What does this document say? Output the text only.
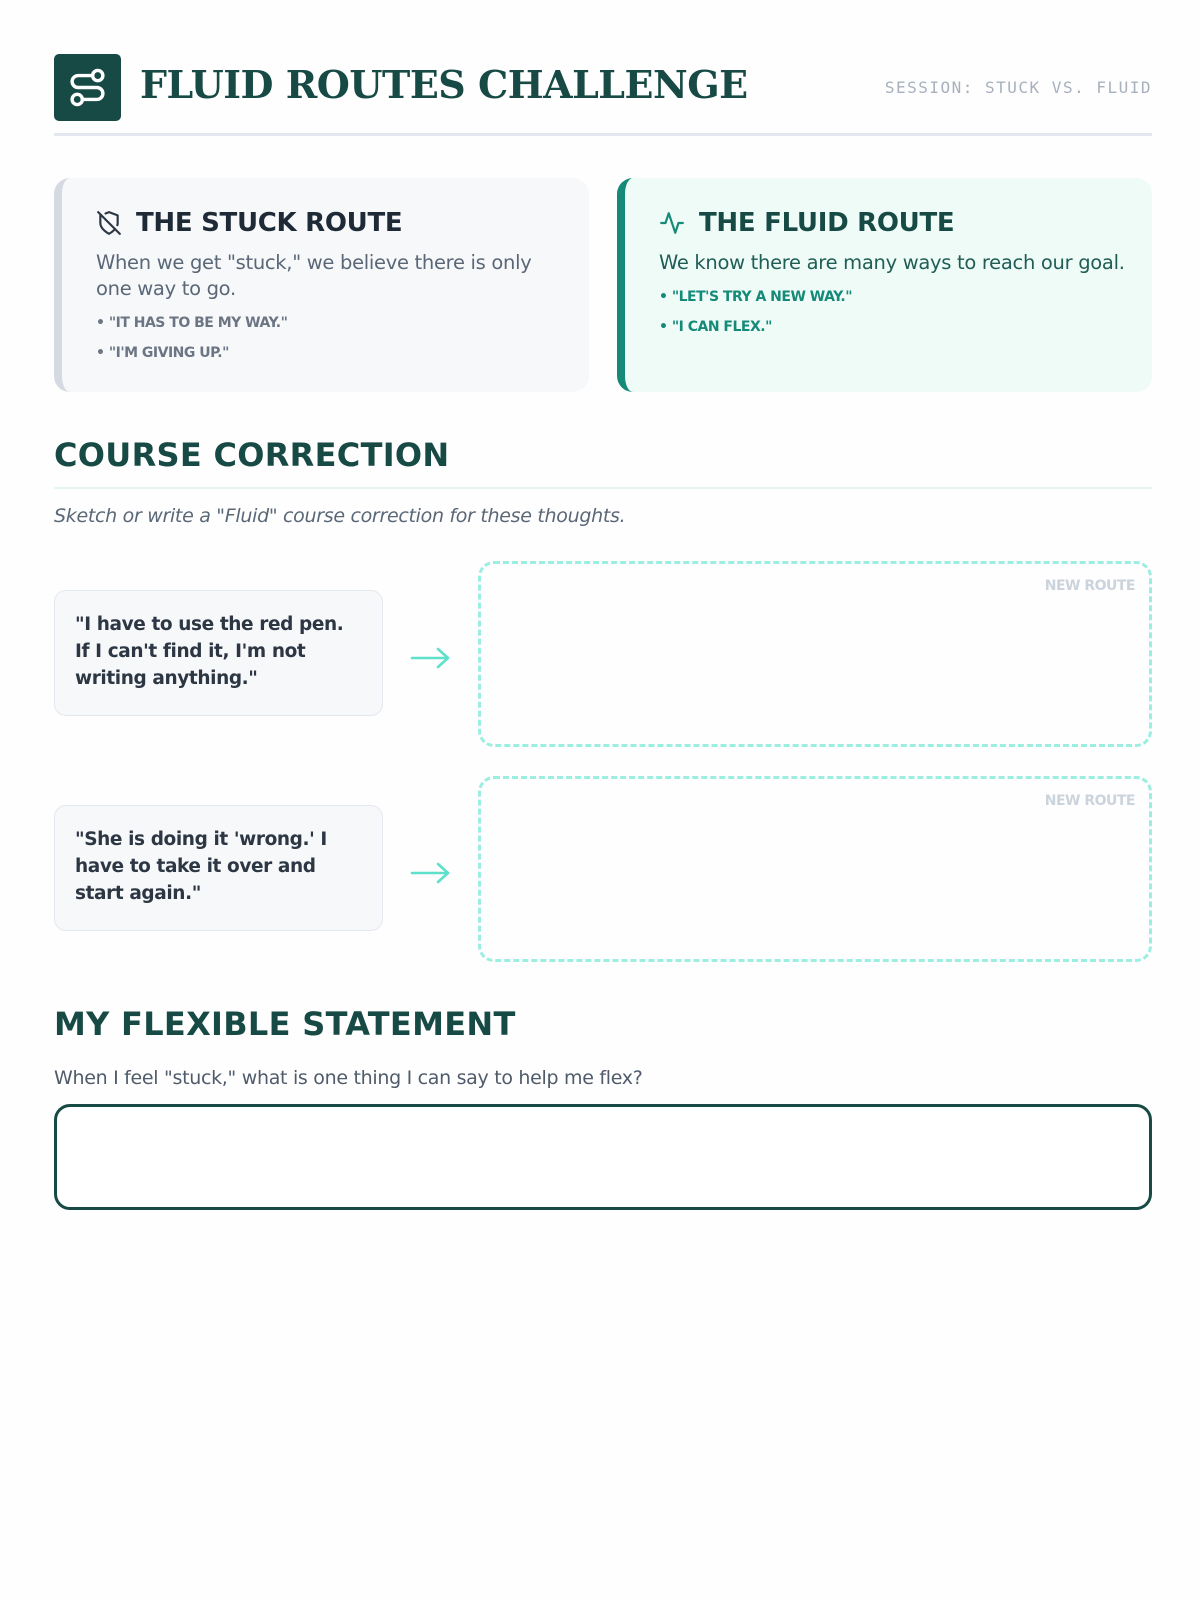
FLUID ROUTES CHALLENGE	SESSION: STUCK VS. FLUID
THE STUCK ROUTE
When we get "stuck," we believe there is only one way to go.
• "IT HAS TO BE MY WAY."
• "I'M GIVING UP."
THE FLUID ROUTE
We know there are many ways to reach our goal.
• "LET'S TRY A NEW WAY."
• "I CAN FLEX."
COURSE CORRECTION
Sketch or write a "Fluid" course correction for these thoughts.
"I have to use the red pen. If I can't find it, I'm not writing anything."
NEW ROUTE
"She is doing it 'wrong.' I have to take it over and start again."
NEW ROUTE
MY FLEXIBLE STATEMENT
When I feel "stuck," what is one thing I can say to help me flex?
